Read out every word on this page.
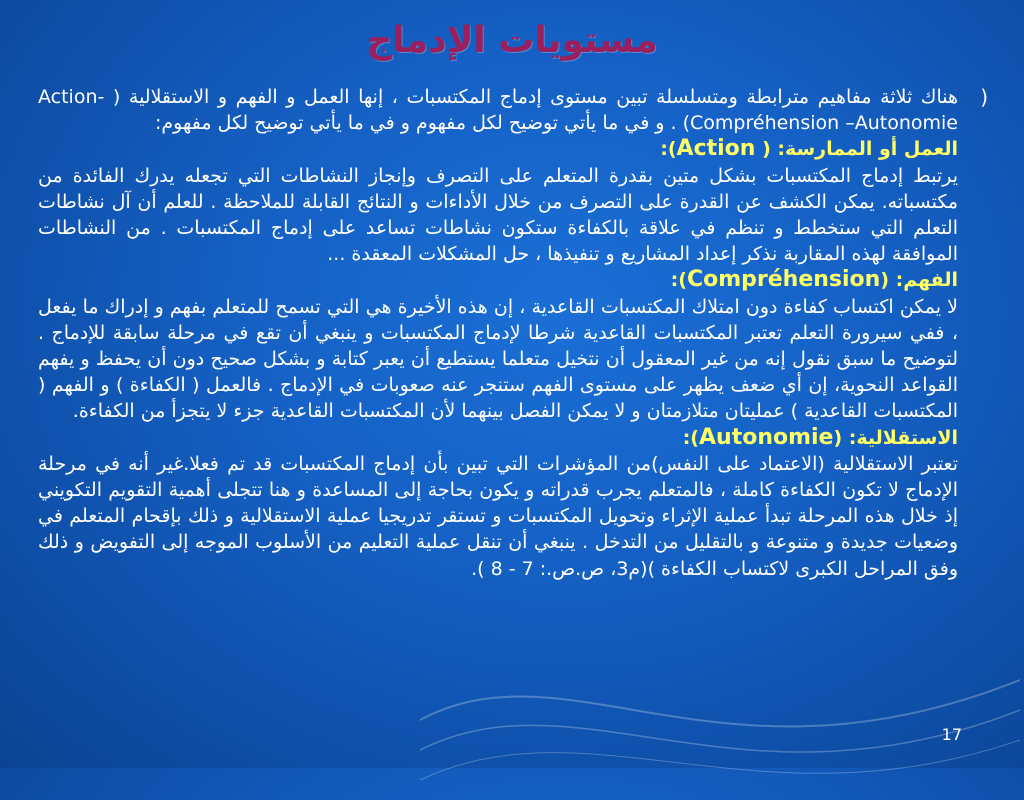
مستويات الإدماج
(

هناك ثلاثة مفاهيم مترابطة ومتسلسلة تبين مستوى إدماج المكتسبات ، إنها العمل و الفهم و الاستقلالية ( Action- Compréhension –Autonomie) . و في ما يأتي توضيح لكل مفهوم و في ما يأتي توضيح لكل مفهوم:

العمل أو الممارسة: ( Action):

يرتبط إدماج المكتسبات بشكل متين بقدرة المتعلم على التصرف وإنجاز النشاطات التي تجعله يدرك الفائدة من مكتسباته. يمكن الكشف عن القدرة على التصرف من خلال الأداءات و النتائج القابلة للملاحظة . للعلم أن آل نشاطات التعلم التي ستخطط و تنظم في علاقة بالكفاءة ستكون نشاطات تساعد على إدماج المكتسبات . من النشاطات الموافقة لهذه المقاربة نذكر إعداد المشاريع و تنفيذها ، حل المشكلات المعقدة ...

الفهم: (Compréhension):

لا يمكن اكتساب كفاءة دون امتلاك المكتسبات القاعدية ، إن هذه الأخيرة هي التي تسمح للمتعلم بفهم و إدراك ما يفعل ، ففي سيرورة التعلم تعتبر المكتسبات القاعدية شرطا لإدماج المكتسبات و ينبغي أن تقع في مرحلة سابقة للإدماج . لتوضيح ما سبق نقول إنه من غير المعقول أن نتخيل متعلما يستطيع أن يعبر كتابة و بشكل صحيح دون أن يحفظ و يفهم القواعد النحوية، إن أي ضعف يظهر على مستوى الفهم ستنجر عنه صعوبات في الإدماج . فالعمل ( الكفاءة ) و الفهم ( المكتسبات القاعدية ) عمليتان متلازمتان و لا يمكن الفصل بينهما لأن المكتسبات القاعدية جزء لا يتجزأ من الكفاءة.

الاستقلالية: (Autonomie):

تعتبر الاستقلالية (الاعتماد على النفس)من المؤشرات التي تبين بأن إدماج المكتسبات قد تم فعلا.غير أنه في مرحلة الإدماج لا تكون الكفاءة كاملة ، فالمتعلم يجرب قدراته و يكون بحاجة إلى المساعدة و هنا تتجلى أهمية التقويم التكويني إذ خلال هذه المرحلة تبدأ عملية الإثراء وتحويل المكتسبات و تستقر تدريجيا عملية الاستقلالية و ذلك بإقحام المتعلم في وضعيات جديدة و متنوعة و بالتقليل من التدخل . ينبغي أن تنقل عملية التعليم من الأسلوب الموجه إلى التفويض و ذلك وفق المراحل الكبرى لاكتساب الكفاءة )(م3، ص.ص.: 7 - 8 ).

17
